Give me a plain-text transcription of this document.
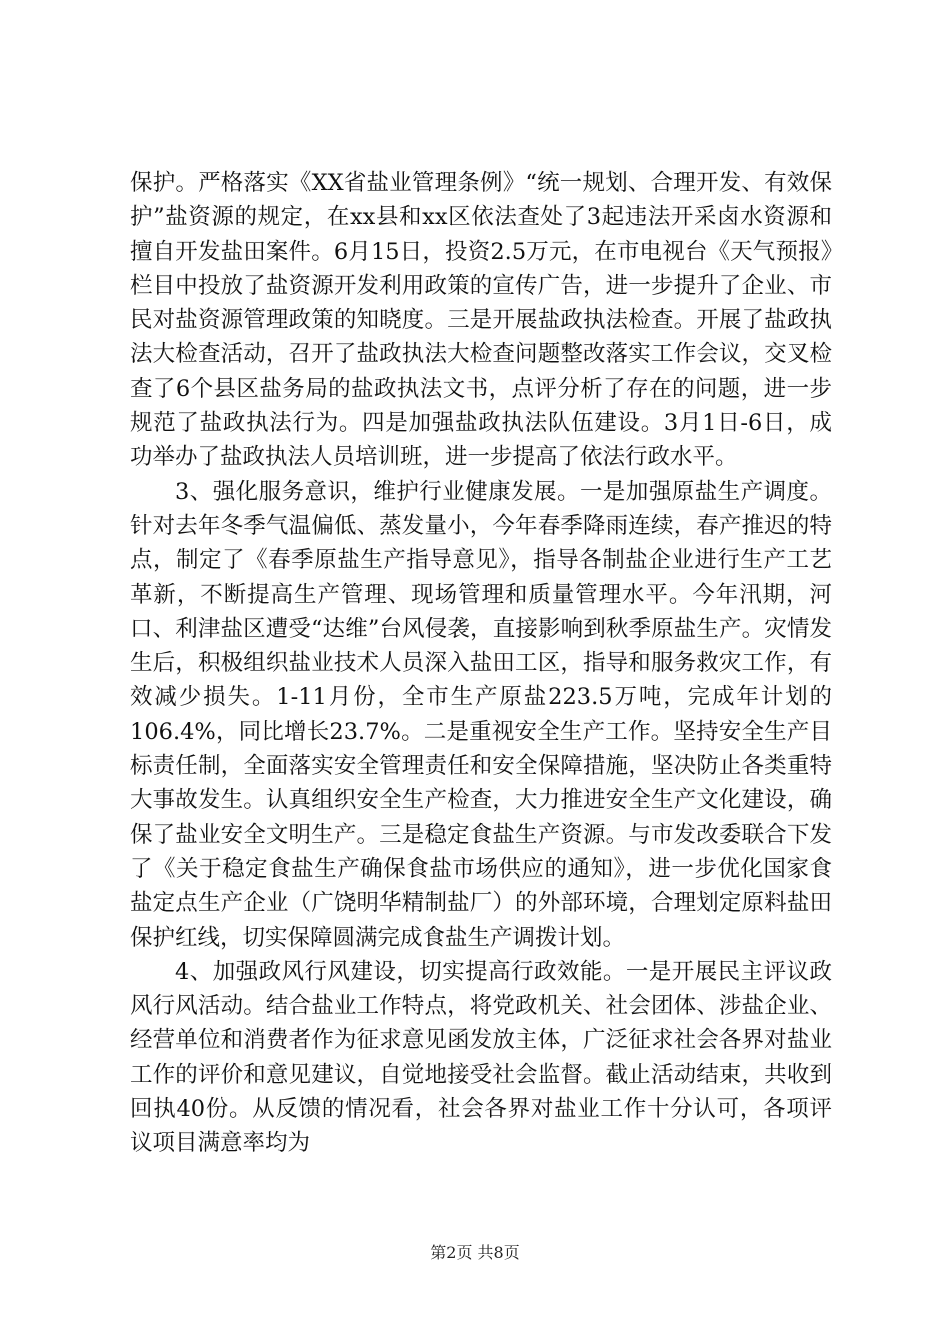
保护。严格落实《XX省盐业管理条例》“统一规划、合理开发、有效保护”盐资源的规定，在xx县和xx区依法查处了3起违法开采卤水资源和擅自开发盐田案件。6月15日，投资2.5万元，在市电视台《天气预报》栏目中投放了盐资源开发利用政策的宣传广告，进一步提升了企业、市民对盐资源管理政策的知晓度。三是开展盐政执法检查。开展了盐政执法大检查活动，召开了盐政执法大检查问题整改落实工作会议，交叉检查了6个县区盐务局的盐政执法文书，点评分析了存在的问题，进一步规范了盐政执法行为。四是加强盐政执法队伍建设。3月1日-6日，成功举办了盐政执法人员培训班，进一步提高了依法行政水平。

3、强化服务意识，维护行业健康发展。一是加强原盐生产调度。针对去年冬季气温偏低、蒸发量小，今年春季降雨连续，春产推迟的特点，制定了《春季原盐生产指导意见》，指导各制盐企业进行生产工艺革新，不断提高生产管理、现场管理和质量管理水平。今年汛期，河口、利津盐区遭受“达维”台风侵袭，直接影响到秋季原盐生产。灾情发生后，积极组织盐业技术人员深入盐田工区，指导和服务救灾工作，有效减少损失。1-11月份，全市生产原盐223.5万吨，完成年计划的106.4%，同比增长23.7%。二是重视安全生产工作。坚持安全生产目标责任制，全面落实安全管理责任和安全保障措施，坚决防止各类重特大事故发生。认真组织安全生产检查，大力推进安全生产文化建设，确保了盐业安全文明生产。三是稳定食盐生产资源。与市发改委联合下发了《关于稳定食盐生产确保食盐市场供应的通知》，进一步优化国家食盐定点生产企业（广饶明华精制盐厂）的外部环境，合理划定原料盐田保护红线，切实保障圆满完成食盐生产调拨计划。

4、加强政风行风建设，切实提高行政效能。一是开展民主评议政风行风活动。结合盐业工作特点，将党政机关、社会团体、涉盐企业、经营单位和消费者作为征求意见函发放主体，广泛征求社会各界对盐业工作的评价和意见建议，自觉地接受社会监督。截止活动结束，共收到回执40份。从反馈的情况看，社会各界对盐业工作十分认可，各项评议项目满意率均为

第2页 共8页
